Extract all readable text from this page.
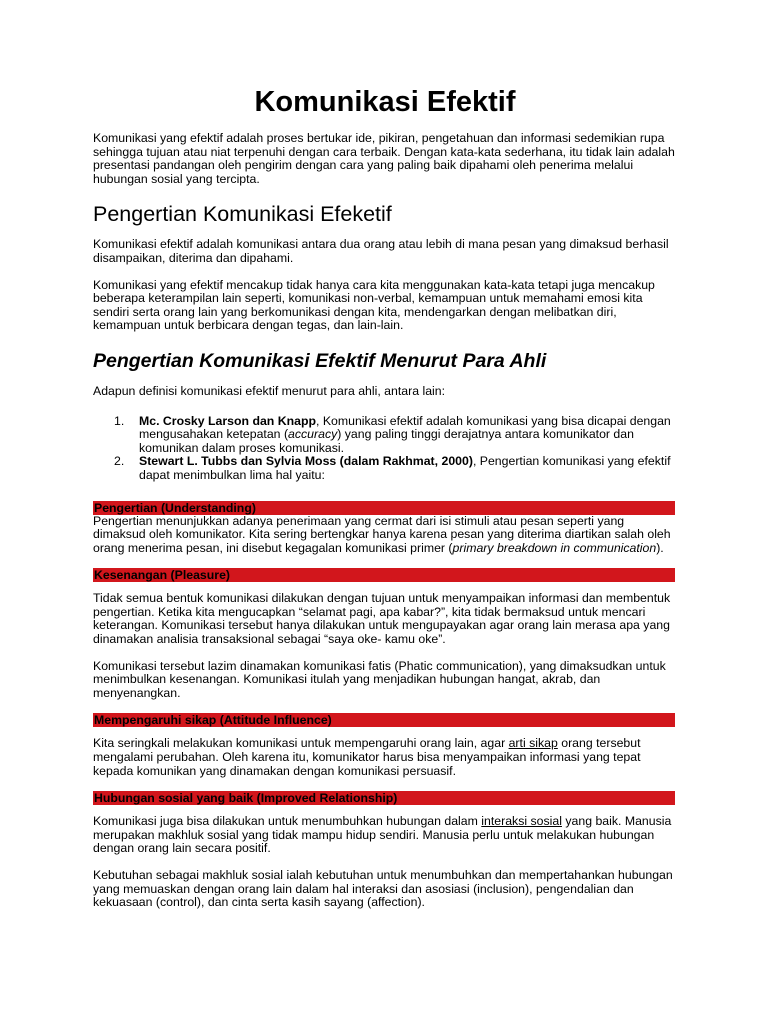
Komunikasi Efektif

Komunikasi yang efektif adalah proses bertukar ide, pikiran, pengetahuan dan informasi sedemikian rupa sehingga tujuan atau niat terpenuhi dengan cara terbaik. Dengan kata-kata sederhana, itu tidak lain adalah presentasi pandangan oleh pengirim dengan cara yang paling baik dipahami oleh penerima melalui hubungan sosial yang tercipta.

Pengertian Komunikasi Efeketif

Komunikasi efektif adalah komunikasi antara dua orang atau lebih di mana pesan yang dimaksud berhasil disampaikan, diterima dan dipahami.

Komunikasi yang efektif mencakup tidak hanya cara kita menggunakan kata-kata tetapi juga mencakup beberapa keterampilan lain seperti, komunikasi non-verbal, kemampuan untuk memahami emosi kita sendiri serta orang lain yang berkomunikasi dengan kita, mendengarkan dengan melibatkan diri, kemampuan untuk berbicara dengan tegas, dan lain-lain.

Pengertian Komunikasi Efektif Menurut Para Ahli

Adapun definisi komunikasi efektif menurut para ahli, antara lain:

1. Mc. Crosky Larson dan Knapp, Komunikasi efektif adalah komunikasi yang bisa dicapai dengan mengusahakan ketepatan (accuracy) yang paling tinggi derajatnya antara komunikator dan komunikan dalam proses komunikasi.
2. Stewart L. Tubbs dan Sylvia Moss (dalam Rakhmat, 2000), Pengertian komunikasi yang efektif dapat menimbulkan lima hal yaitu:
Pengertian (Understanding)

Pengertian menunjukkan adanya penerimaan yang cermat dari isi stimuli atau pesan seperti yang dimaksud oleh komunikator. Kita sering bertengkar hanya karena pesan yang diterima diartikan salah oleh orang menerima pesan, ini disebut kegagalan komunikasi primer (primary breakdown in communication).

Kesenangan (Pleasure)

Tidak semua bentuk komunikasi dilakukan dengan tujuan untuk menyampaikan informasi dan membentuk pengertian. Ketika kita mengucapkan “selamat pagi, apa kabar?”, kita tidak bermaksud untuk mencari keterangan. Komunikasi tersebut hanya dilakukan untuk mengupayakan agar orang lain merasa apa yang dinamakan analisia transaksional sebagai “saya oke- kamu oke”.

Komunikasi tersebut lazim dinamakan komunikasi fatis (Phatic communication), yang dimaksudkan untuk menimbulkan kesenangan. Komunikasi itulah yang menjadikan hubungan hangat, akrab, dan menyenangkan.

Mempengaruhi sikap (Attitude Influence)

Kita seringkali melakukan komunikasi untuk mempengaruhi orang lain, agar arti sikap orang tersebut mengalami perubahan. Oleh karena itu, komunikator harus bisa menyampaikan informasi yang tepat kepada komunikan yang dinamakan dengan komunikasi persuasif.

Hubungan sosial yang baik (Improved Relationship)

Komunikasi juga bisa dilakukan untuk menumbuhkan hubungan dalam interaksi sosial yang baik. Manusia merupakan makhluk sosial yang tidak mampu hidup sendiri. Manusia perlu untuk melakukan hubungan dengan orang lain secara positif.

Kebutuhan sebagai makhluk sosial ialah kebutuhan untuk menumbuhkan dan mempertahankan hubungan yang memuaskan dengan orang lain dalam hal interaksi dan asosiasi (inclusion), pengendalian dan kekuasaan (control), dan cinta serta kasih sayang (affection).
